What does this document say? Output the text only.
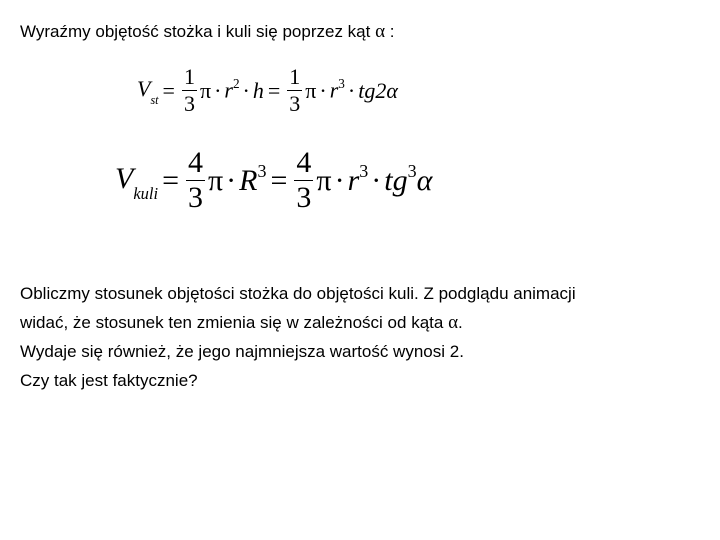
Wyraźmy objętość stożka i kuli się poprzez kąt α :
$V_{st} = \frac{1}{3}$ $\pi \cdot r^2 \cdot h = \frac{1}{3}$ $\pi \cdot r^3$ · tg 2α
$V_{kuli} = \frac{4}{3}$ $\pi \cdot R^3 = \frac{4}{3}$ $\pi \cdot r^3 \cdot tg^3$ α
Obliczmy stosunek objętości stożka do objętości kuli. Z podglądu animacji
widać, że stosunek ten zmienia się w zależności od kąta α.
Wydaje się również, że jego najmniejsza wartość wynosi 2.
Czy tak jest faktycznie?
